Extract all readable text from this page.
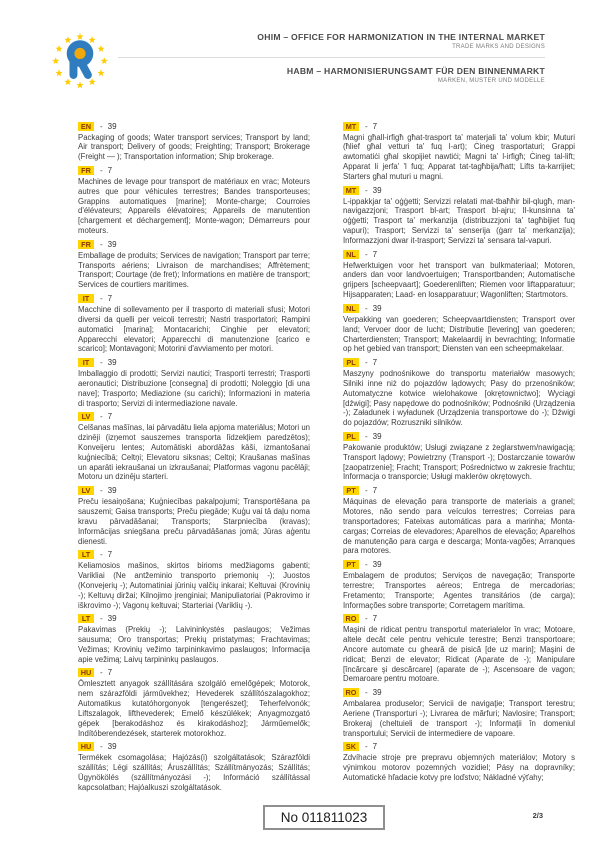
OHIM – OFFICE FOR HARMONIZATION IN THE INTERNAL MARKET
TRADE MARKS AND DESIGNS
HABM – HARMONISIERUNGSAMT FÜR DEN BINNENMARKT
MARKEN, MUSTER UND MODELLE
EN	- 39

Packaging of goods; Water transport services; Transport by land; Air transport; Delivery of goods; Freighting; Transport; Brokerage (Freight — ); Transportation information; Ship brokerage.

FR	- 7

Machines de levage pour transport de matériaux en vrac; Moteurs autres que pour véhicules terrestres; Bandes transporteuses; Grappins automatiques [marine]; Monte-charge; Courroies d'élévateurs; Appareils élévatoires; Appareils de manutention [chargement et déchargement]; Monte-wagon; Démarreurs pour moteurs.

FR	- 39

Emballage de produits; Services de navigation; Transport par terre; Transports aériens; Livraison de marchandises; Affrètement; Transport; Courtage (de fret); Informations en matière de transport; Services de courtiers maritimes.

IT	- 7

Macchine di sollevamento per il trasporto di materiali sfusi; Motori diversi da quelli per veicoli terrestri; Nastri trasportatori; Rampini automatici [marina]; Montacarichi; Cinghie per elevatori; Apparecchi elevatori; Apparecchi di manutenzione [carico e scarico]; Montavagoni; Motorini d'avviamento per motori.

IT	- 39

Imballaggio di prodotti; Servizi nautici; Trasporti terrestri; Trasporti aeronautici; Distribuzione [consegna] di prodotti; Noleggio [di una nave]; Trasporto; Mediazione (su carichi); Informazioni in materia di trasporto; Servizi di intermediazione navale.

LV	- 7

Celšanas mašīnas, lai pārvadātu liela apjoma materiālus; Motori un dzinēji (izņemot sauszemes transporta līdzekļiem paredzētos); Konveijeru lentes; Automātiski abordāžas kāši, izmantošanai kuģniecībā; Celtņi; Elevatoru siksnas; Celtņi; Kraušanas mašīnas un aparāti iekraušanai un izkraušanai; Platformas vagonu pacēlāji; Motoru un dzinēju starteri.

LV	- 39

Preču iesaiņošana; Kuģniecības pakalpojumi; Transportēšana pa sauszemi; Gaisa transports; Preču piegāde; Kuģu vai tā daļu noma kravu pārvadāšanai; Transports; Starpniecība (kravas); Informācijas sniegšana preču pārvadāšanas jomā; Jūras aģentu dienesti.

LT	- 7

Keliamosios mašinos, skirtos birioms medžiagoms gabenti; Varikliai (Ne antžeminio transporto priemonių -); Juostos (Konvejerių -); Automatiniai jūrinių valčių inkarai; Keltuvai (Krovinių -); Keltuvų diržai; Kilnojimo įrenginiai; Manipuliatoriai (Pakrovimo ir iškrovimo -); Vagonų keltuvai; Starteriai (Variklių -).

LT	- 39

Pakavimas (Prekių -); Laivininkystės paslaugos; Vežimas sausuma; Oro transportas; Prekių pristatymas; Frachtavimas; Vežimas; Krovinių vežimo tarpininkavimo paslaugos; Informacija apie vežimą; Laivų tarpininkų paslaugos.

HU	- 7

Ömlesztett anyagok szállítására szolgáló emelőgépek; Motorok, nem szárazföldi járművekhez; Hevederek szállítószalagokhoz; Automatikus kutatóhorgonyok [tengerészet]; Teherfelvonók; Liftszalagok, lifthevederek; Emelő készülékek; Anyagmozgató gépek [berakodáshoz és kirakodáshoz]; Járműemelők; Indítóberendezések, starterek motorokhoz.

HU	- 39

Termékek csomagolása; Hajózás(i) szolgáltatások; Szárazföldi szállítás; Légi szállítás; Áruszállítás; Szállítmányozás; Szállítás; Ügynökölés (szállítmányozási -); Információ szállítással kapcsolatban; Hajóalkuszi szolgáltatások.

MT	- 7

Magni għall-irfigħ għat-trasport ta' materjali ta' volum kbir; Muturi (ħlief għal vetturi ta' fuq l-art); Ċineg trasportaturi; Grappi awtomatiċi għal skopijiet nawtiċi; Magni ta' l-irfigħ; Ċineg tal-lift; Apparat li jerfa' 'l fuq; Apparat tat-tagħbija/ħatt; Lifts ta-karrijiet; Starters għal muturi u magni.

MT	- 39

L-ippakkjar ta' oġġetti; Servizzi relatati mat-tbaħħir bil-qlugħ, man-navigazzjoni; Trasport bl-art; Trasport bl-ajru; Il-kunsinna ta' oġġetti; Trasport ta' merkanzija (distribuzzjoni ta' tagħbijiet fuq vapuri); Trasport; Servizzi ta' senserija (ġarr ta' merkanzija); Informazzjoni dwar it-trasport; Servizzi ta' sensara tal-vapuri.

NL	- 7

Hefwerktuigen voor het transport van bulkmateriaal; Motoren, anders dan voor landvoertuigen; Transportbanden; Automatische grijpers [scheepvaart]; Goederenliften; Riemen voor liftapparatuur; Hijsapparaten; Laad- en losapparatuur; Wagonliften; Startmotors.

NL	- 39

Verpakking van goederen; Scheepvaartdiensten; Transport over land; Vervoer door de lucht; Distributie [levering] van goederen; Charterdiensten; Transport; Makelaardij in bevrachting; Informatie op het gebied van transport; Diensten van een scheepmakelaar.

PL	- 7

Maszyny podnośnikowe do transportu materiałów masowych; Silniki inne niż do pojazdów lądowych; Pasy do przenośników; Automatyczne kotwice wielohakowe [okrętownictwo]; Wyciągi [dźwigi]; Pasy napędowe do podnośników; Podnośniki (Urządzenia -); Załadunek i wyładunek (Urządzenia transportowe do -); Dźwigi do pojazdów; Rozruszniki silników.

PL	- 39

Pakowanie produktów; Usługi związane z żeglarstwem/nawigacją; Transport lądowy; Powietrzny (Transport -); Dostarczanie towarów [zaopatrzenie]; Fracht; Transport; Pośrednictwo w zakresie frachtu; Informacja o transporcie; Usługi maklerów okrętowych.

PT	- 7

Máquinas de elevação para transporte de materiais a granel; Motores, não sendo para veículos terrestres; Correias para transportadores; Fateixas automáticas para a marinha; Monta-cargas; Correias de elevadores; Aparelhos de elevação; Aparelhos de manutenção para carga e descarga; Monta-vagões; Arranques para motores.

PT	- 39

Embalagem de produtos; Serviços de navegação; Transporte terrestre; Transportes aéreos; Entrega de mercadorias; Fretamento; Transporte; Agentes transitários (de carga); Informações sobre transporte; Corretagem marítima.

RO	- 7

Maşini de ridicat pentru transportul materialelor în vrac; Motoare, altele decât cele pentru vehicule terestre; Benzi transportoare; Ancore automate cu gheară de pisică [de uz marin]; Maşini de ridicat; Benzi de elevator; Ridicat (Aparate de -); Manipulare [încărcare şi descărcare] (aparate de -); Ascensoare de vagon; Demaroare pentru motoare.

RO	- 39

Ambalarea produselor; Servicii de navigaţie; Transport terestru; Aeriene (Transporturi -); Livrarea de mărfuri; Navlosire; Transport; Brokeraj (cheltuieli de transport -); Informaţii în domeniul transportului; Servicii de intermediere de vapoare.

SK	- 7

Zdvíhacie stroje pre prepravu objemných materiálov; Motory s výnimkou motorov pozemných vozidiel; Pásy na dopravníky; Automatické hľadacie kotvy pre loďstvo; Nákladné výťahy;

No 011811023	2/3
